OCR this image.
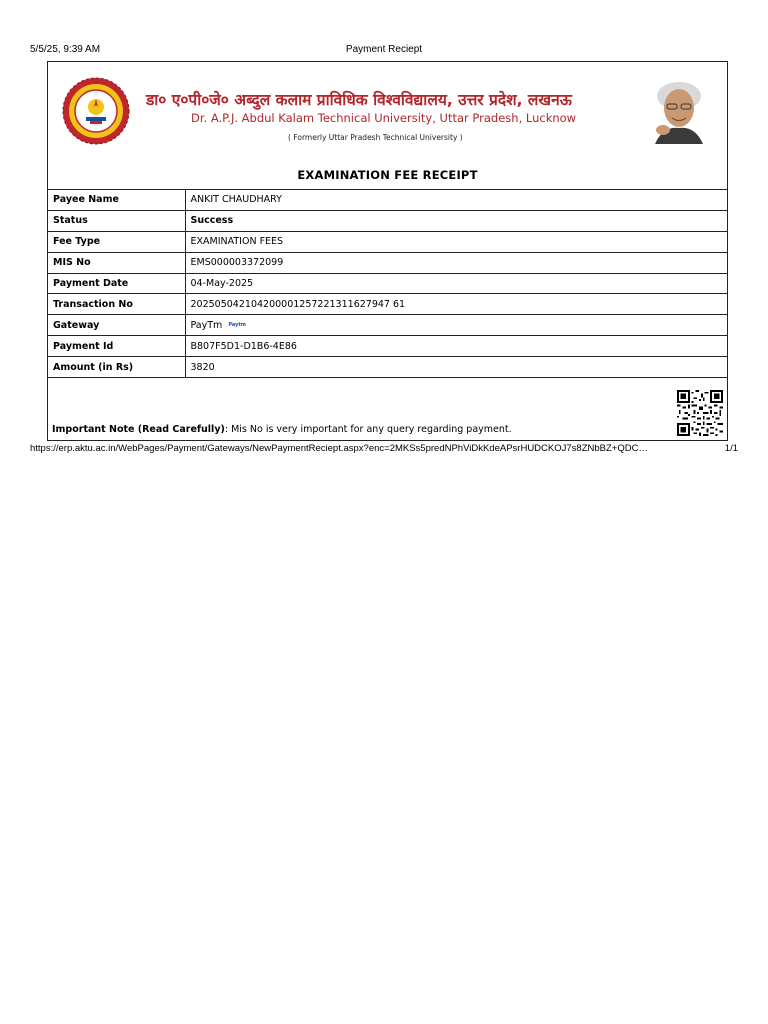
5/5/25, 9:39 AM	Payment Reciept
डा० ए०पी०जे० अब्दुल कलाम प्राविधिक विश्वविद्यालय, उत्तर प्रदेश, लखनऊ
Dr. A.P.J. Abdul Kalam Technical University, Uttar Pradesh, Lucknow
( Formerly Uttar Pradesh Technical University )
EXAMINATION FEE RECEIPT
Payee Name	ANKIT CHAUDHARY
Status	Success
Fee Type	EXAMINATION FEES
MIS No	EMS000003372099
Payment Date	04-May-2025
Transaction No	202505042104200001257221311627947 61
Gateway	PayTm Paytm
Payment Id	B807F5D1-D1B6-4E86
Amount (in Rs)	3820
Important Note (Read Carefully): Mis No is very important for any query regarding payment.
https://erp.aktu.ac.in/WebPages/Payment/Gateways/NewPaymentReciept.aspx?enc=2MKSs5predNPhViDkKdeAPsrHUDCKOJ7s8ZNbBZ+QDC…	1/1
